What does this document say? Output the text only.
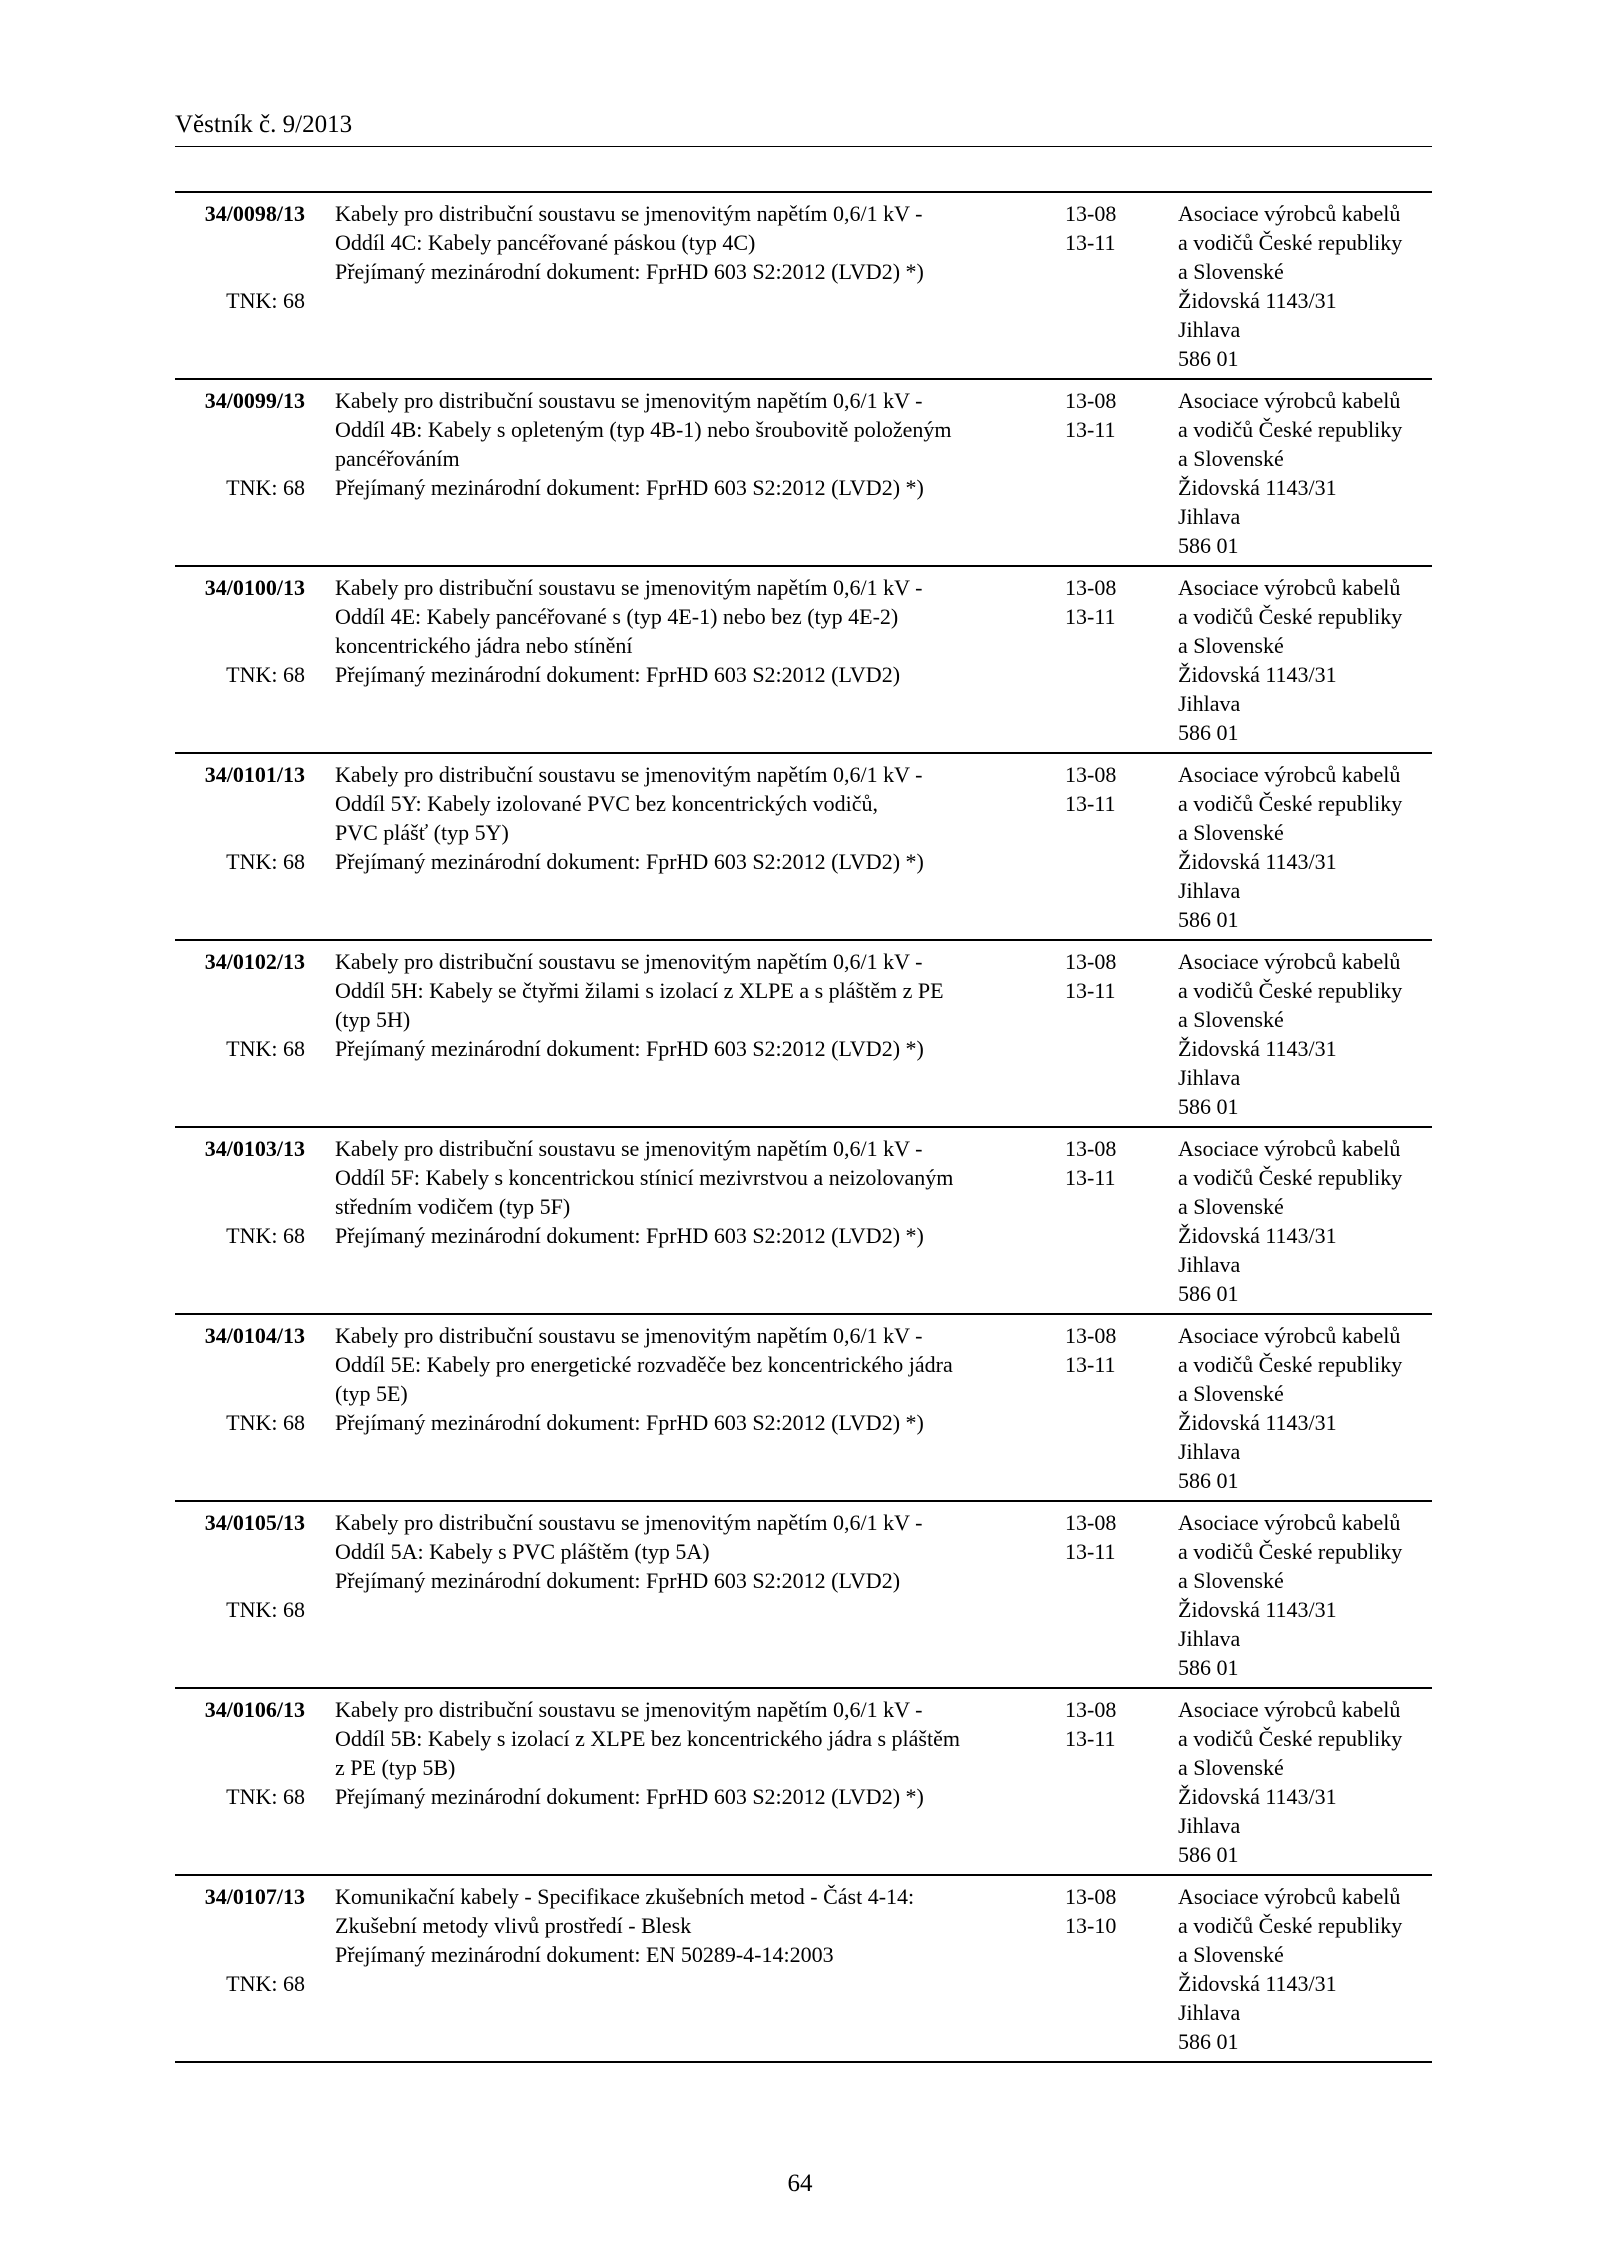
Věstník č. 9/2013
34/0098/13
TNK: 68
Kabely pro distribuční soustavu se jmenovitým napětím 0,6/1 kV -
Oddíl 4C: Kabely pancéřované páskou (typ 4C)
Přejímaný mezinárodní dokument: FprHD 603 S2:2012 (LVD2) *)
13-08
13-11
Asociace výrobců kabelů
a vodičů České republiky
a Slovenské
Židovská 1143/31
Jihlava
586 01
34/0099/13
TNK: 68
Kabely pro distribuční soustavu se jmenovitým napětím 0,6/1 kV -
Oddíl 4B: Kabely s opleteným (typ 4B-1) nebo šroubovitě položeným
pancéřováním
Přejímaný mezinárodní dokument: FprHD 603 S2:2012 (LVD2) *)
13-08
13-11
Asociace výrobců kabelů
a vodičů České republiky
a Slovenské
Židovská 1143/31
Jihlava
586 01
34/0100/13
TNK: 68
Kabely pro distribuční soustavu se jmenovitým napětím 0,6/1 kV -
Oddíl 4E: Kabely pancéřované s (typ 4E-1) nebo bez (typ 4E-2)
koncentrického jádra nebo stínění
Přejímaný mezinárodní dokument: FprHD 603 S2:2012 (LVD2)
13-08
13-11
Asociace výrobců kabelů
a vodičů České republiky
a Slovenské
Židovská 1143/31
Jihlava
586 01
34/0101/13
TNK: 68
Kabely pro distribuční soustavu se jmenovitým napětím 0,6/1 kV -
Oddíl 5Y: Kabely izolované PVC bez koncentrických vodičů,
PVC plášť (typ 5Y)
Přejímaný mezinárodní dokument: FprHD 603 S2:2012 (LVD2) *)
13-08
13-11
Asociace výrobců kabelů
a vodičů České republiky
a Slovenské
Židovská 1143/31
Jihlava
586 01
34/0102/13
TNK: 68
Kabely pro distribuční soustavu se jmenovitým napětím 0,6/1 kV -
Oddíl 5H: Kabely se čtyřmi žilami s izolací z XLPE a s pláštěm z PE
(typ 5H)
Přejímaný mezinárodní dokument: FprHD 603 S2:2012 (LVD2) *)
13-08
13-11
Asociace výrobců kabelů
a vodičů České republiky
a Slovenské
Židovská 1143/31
Jihlava
586 01
34/0103/13
TNK: 68
Kabely pro distribuční soustavu se jmenovitým napětím 0,6/1 kV -
Oddíl 5F: Kabely s koncentrickou stínicí mezivrstvou a neizolovaným
středním vodičem (typ 5F)
Přejímaný mezinárodní dokument: FprHD 603 S2:2012 (LVD2) *)
13-08
13-11
Asociace výrobců kabelů
a vodičů České republiky
a Slovenské
Židovská 1143/31
Jihlava
586 01
34/0104/13
TNK: 68
Kabely pro distribuční soustavu se jmenovitým napětím 0,6/1 kV -
Oddíl 5E: Kabely pro energetické rozvaděče bez koncentrického jádra
(typ 5E)
Přejímaný mezinárodní dokument: FprHD 603 S2:2012 (LVD2) *)
13-08
13-11
Asociace výrobců kabelů
a vodičů České republiky
a Slovenské
Židovská 1143/31
Jihlava
586 01
34/0105/13
TNK: 68
Kabely pro distribuční soustavu se jmenovitým napětím 0,6/1 kV -
Oddíl 5A: Kabely s PVC pláštěm (typ 5A)
Přejímaný mezinárodní dokument: FprHD 603 S2:2012 (LVD2)
13-08
13-11
Asociace výrobců kabelů
a vodičů České republiky
a Slovenské
Židovská 1143/31
Jihlava
586 01
34/0106/13
TNK: 68
Kabely pro distribuční soustavu se jmenovitým napětím 0,6/1 kV -
Oddíl 5B: Kabely s izolací z XLPE bez koncentrického jádra s pláštěm
z PE (typ 5B)
Přejímaný mezinárodní dokument: FprHD 603 S2:2012 (LVD2) *)
13-08
13-11
Asociace výrobců kabelů
a vodičů České republiky
a Slovenské
Židovská 1143/31
Jihlava
586 01
34/0107/13
TNK: 68
Komunikační kabely - Specifikace zkušebních metod - Část 4-14:
Zkušební metody vlivů prostředí - Blesk
Přejímaný mezinárodní dokument: EN 50289-4-14:2003
13-08
13-10
Asociace výrobců kabelů
a vodičů České republiky
a Slovenské
Židovská 1143/31
Jihlava
586 01
64
